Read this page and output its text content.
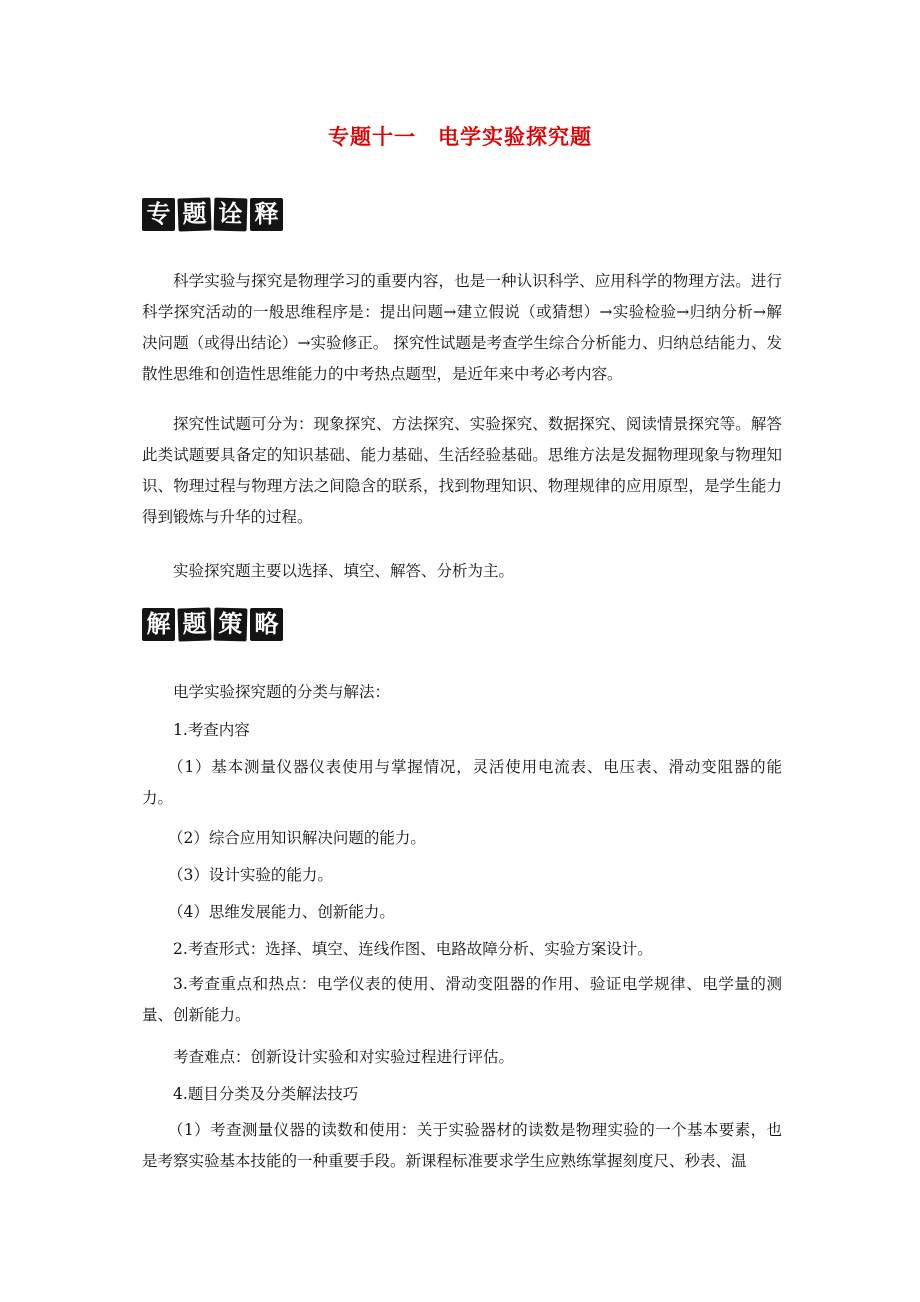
专题十一　电学实验探究题
专 题 诠 释

科学实验与探究是物理学习的重要内容，也是一种认识科学、应用科学的物理方法。进行科学探究活动的一般思维程序是：提出问题→建立假说（或猜想）→实验检验→归纳分析→解决问题（或得出结论）→实验修正。 探究性试题是考查学生综合分析能力、归纳总结能力、发散性思维和创造性思维能力的中考热点题型，是近年来中考必考内容。

探究性试题可分为：现象探究、方法探究、实验探究、数据探究、阅读情景探究等。解答此类试题要具备定的知识基础、能力基础、生活经验基础。思维方法是发掘物理现象与物理知识、物理过程与物理方法之间隐含的联系，找到物理知识、物理规律的应用原型，是学生能力得到锻炼与升华的过程。

实验探究题主要以选择、填空、解答、分析为主。

解 题 策 略

电学实验探究题的分类与解法：

1.考查内容

（1）基本测量仪器仪表使用与掌握情况，灵活使用电流表、电压表、滑动变阻器的能力。

（2）综合应用知识解决问题的能力。

（3）设计实验的能力。

（4）思维发展能力、创新能力。

2.考查形式：选择、填空、连线作图、电路故障分析、实验方案设计。

3.考查重点和热点：电学仪表的使用、滑动变阻器的作用、验证电学规律、电学量的测量、创新能力。

考查难点：创新设计实验和对实验过程进行评估。

4.题目分类及分类解法技巧

（1）考查测量仪器的读数和使用：关于实验器材的读数是物理实验的一个基本要素，也是考察实验基本技能的一种重要手段。新课程标准要求学生应熟练掌握刻度尺、秒表、温
